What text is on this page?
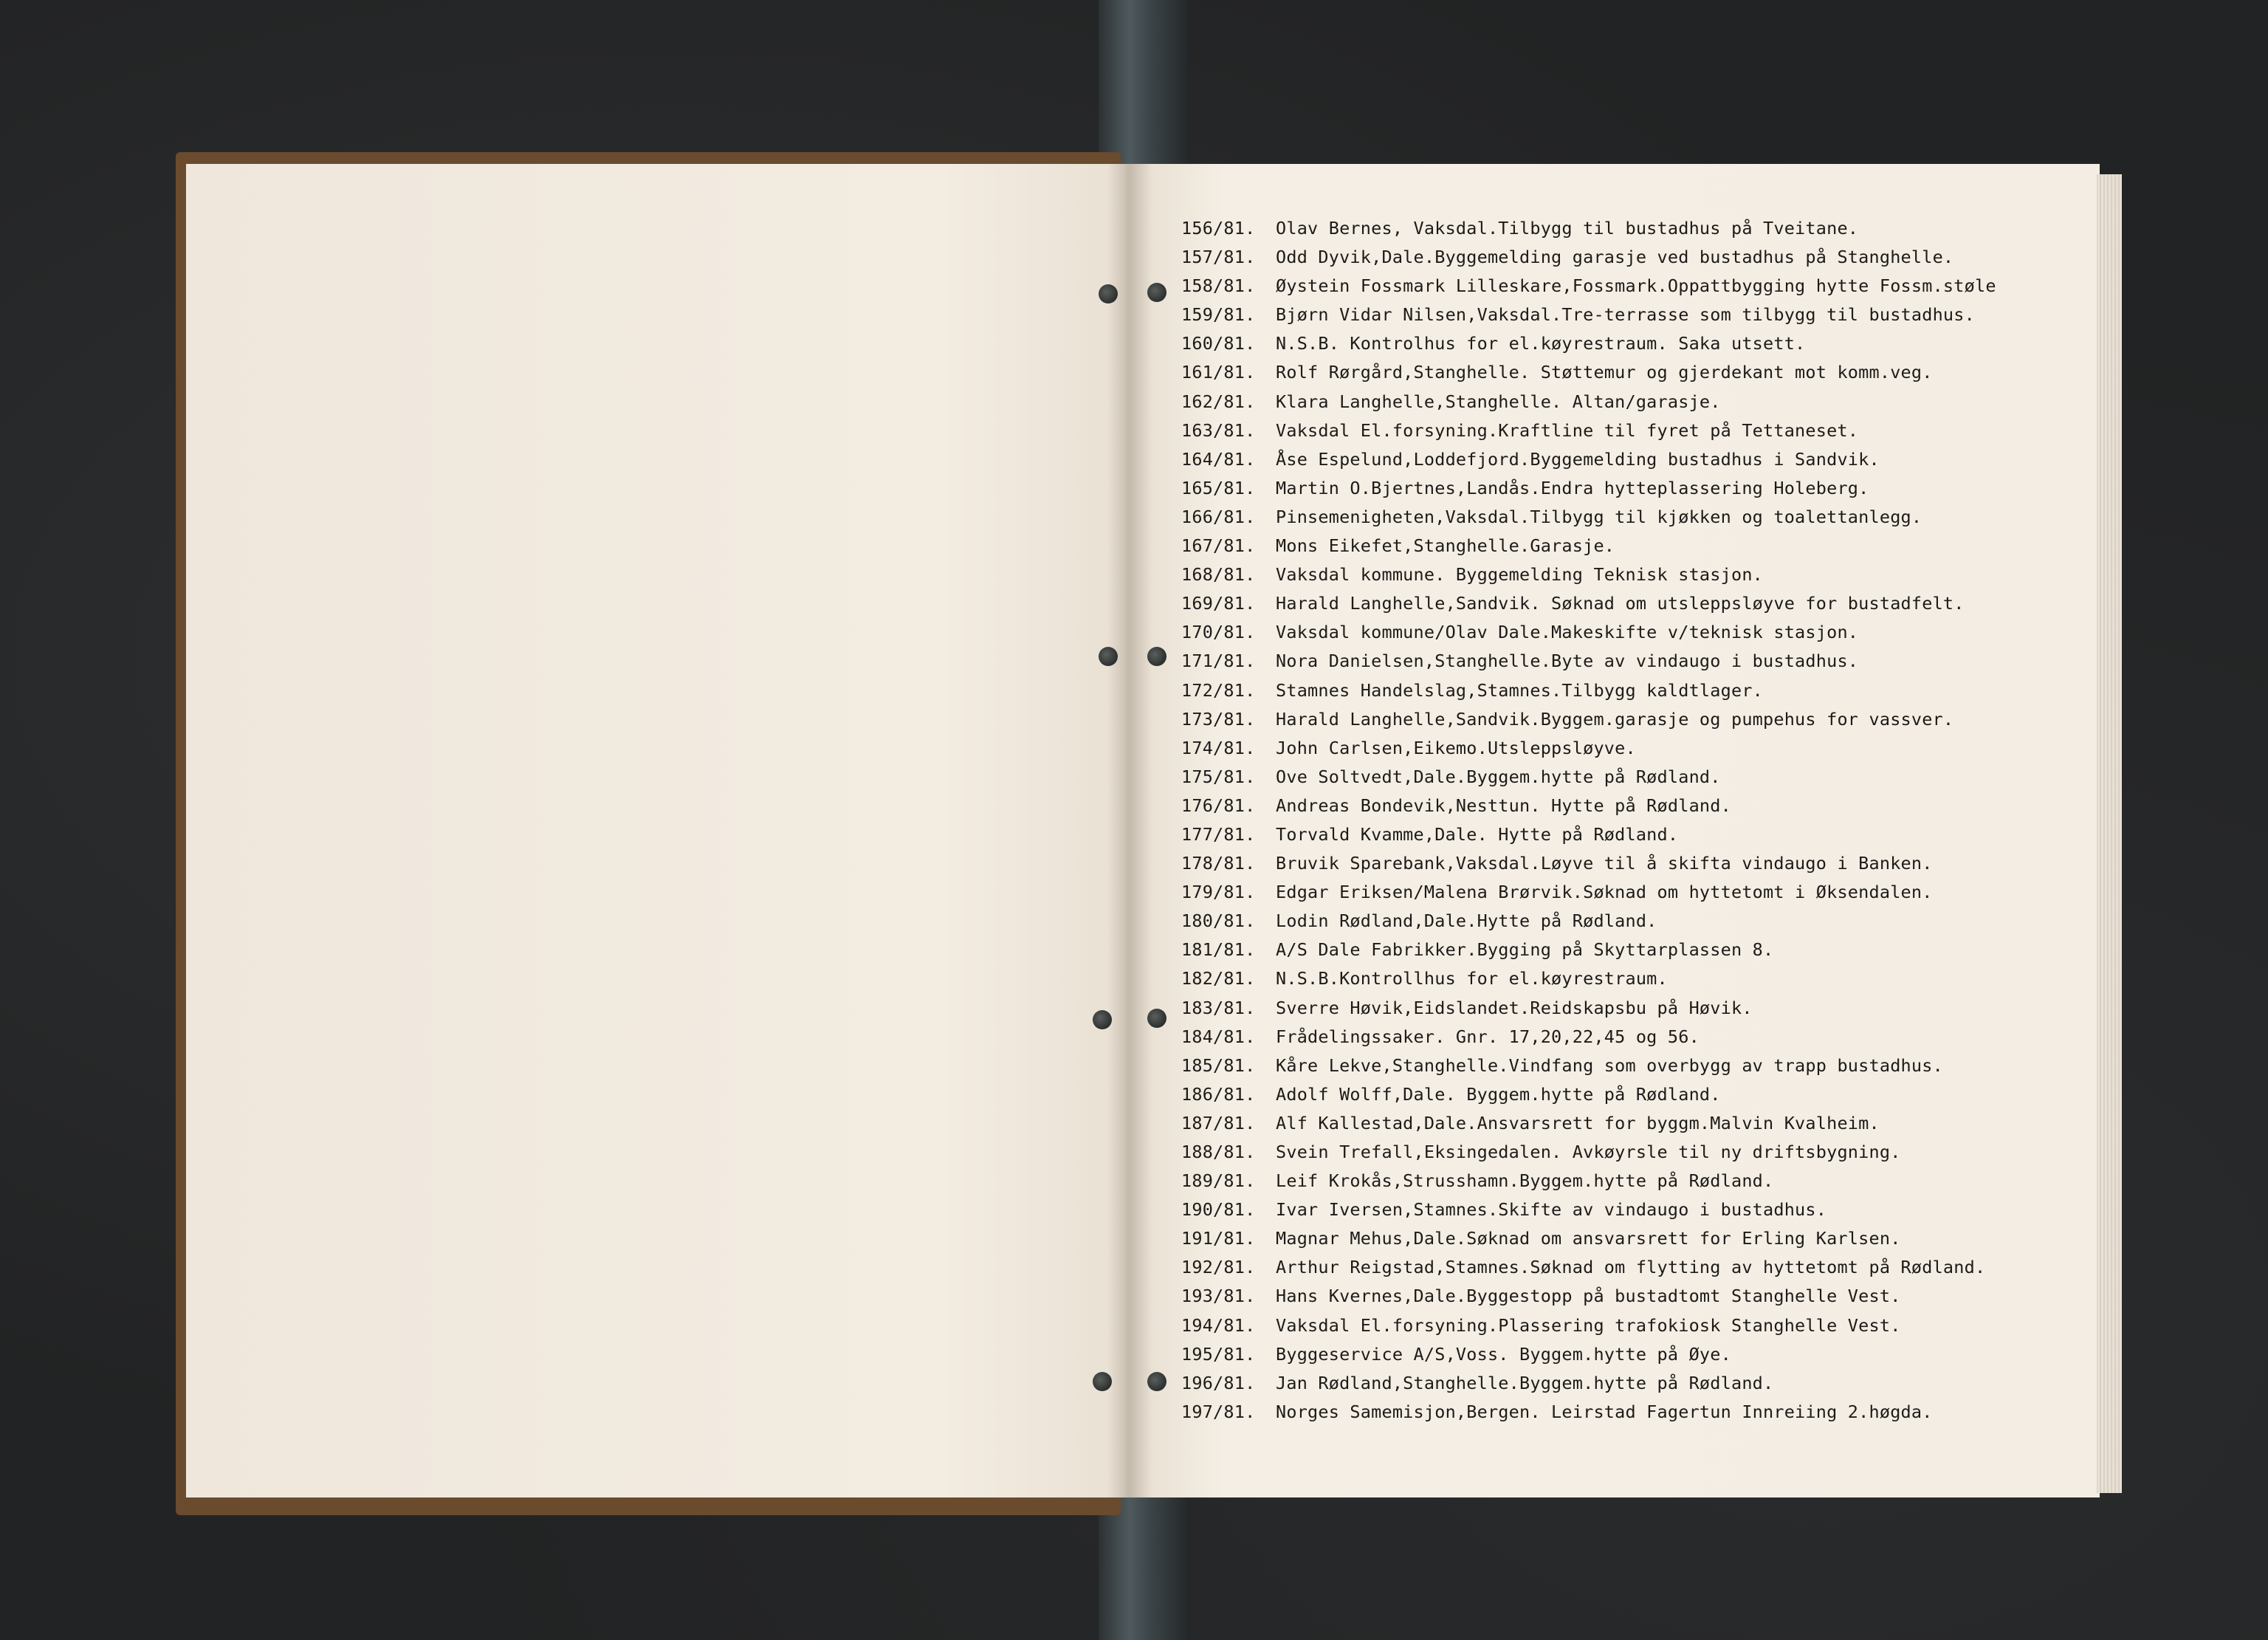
156/81. Olav Bernes, Vaksdal.Tilbygg til bustadhus på Tveitane.
157/81. Odd Dyvik,Dale.Byggemelding garasje ved bustadhus på Stanghelle.
158/81. Øystein Fossmark Lilleskare,Fossmark.Oppattbygging hytte Fossm.støle
159/81. Bjørn Vidar Nilsen,Vaksdal.Tre-terrasse som tilbygg til bustadhus.
160/81. N.S.B. Kontrolhus for el.køyrestraum. Saka utsett.
161/81. Rolf Rørgård,Stanghelle. Støttemur og gjerdekant mot komm.veg.
162/81. Klara Langhelle,Stanghelle. Altan/garasje.
163/81. Vaksdal El.forsyning.Kraftline til fyret på Tettaneset.
164/81. Åse Espelund,Loddefjord.Byggemelding bustadhus i Sandvik.
165/81. Martin O.Bjertnes,Landås.Endra hytteplassering Holeberg.
166/81. Pinsemenigheten,Vaksdal.Tilbygg til kjøkken og toalettanlegg.
167/81. Mons Eikefet,Stanghelle.Garasje.
168/81. Vaksdal kommune. Byggemelding Teknisk stasjon.
169/81. Harald Langhelle,Sandvik. Søknad om utsleppsløyve for bustadfelt.
170/81. Vaksdal kommune/Olav Dale.Makeskifte v/teknisk stasjon.
171/81. Nora Danielsen,Stanghelle.Byte av vindaugo i bustadhus.
172/81. Stamnes Handelslag,Stamnes.Tilbygg kaldtlager.
173/81. Harald Langhelle,Sandvik.Byggem.garasje og pumpehus for vassver.
174/81. John Carlsen,Eikemo.Utsleppsløyve.
175/81. Ove Soltvedt,Dale.Byggem.hytte på Rødland.
176/81. Andreas Bondevik,Nesttun. Hytte på Rødland.
177/81. Torvald Kvamme,Dale. Hytte på Rødland.
178/81. Bruvik Sparebank,Vaksdal.Løyve til å skifta vindaugo i Banken.
179/81. Edgar Eriksen/Malena Brørvik.Søknad om hyttetomt i Øksendalen.
180/81. Lodin Rødland,Dale.Hytte på Rødland.
181/81. A/S Dale Fabrikker.Bygging på Skyttarplassen 8.
182/81. N.S.B.Kontrollhus for el.køyrestraum.
183/81. Sverre Høvik,Eidslandet.Reidskapsbu på Høvik.
184/81. Frådelingssaker. Gnr. 17,20,22,45 og 56.
185/81. Kåre Lekve,Stanghelle.Vindfang som overbygg av trapp bustadhus.
186/81. Adolf Wolff,Dale. Byggem.hytte på Rødland.
187/81. Alf Kallestad,Dale.Ansvarsrett for byggm.Malvin Kvalheim.
188/81. Svein Trefall,Eksingedalen. Avkøyrsle til ny driftsbygning.
189/81. Leif Krokås,Strusshamn.Byggem.hytte på Rødland.
190/81. Ivar Iversen,Stamnes.Skifte av vindaugo i bustadhus.
191/81. Magnar Mehus,Dale.Søknad om ansvarsrett for Erling Karlsen.
192/81. Arthur Reigstad,Stamnes.Søknad om flytting av hyttetomt på Rødland.
193/81. Hans Kvernes,Dale.Byggestopp på bustadtomt Stanghelle Vest.
194/81. Vaksdal El.forsyning.Plassering trafokiosk Stanghelle Vest.
195/81. Byggeservice A/S,Voss. Byggem.hytte på Øye.
196/81. Jan Rødland,Stanghelle.Byggem.hytte på Rødland.
197/81. Norges Samemisjon,Bergen. Leirstad Fagertun Innreiing 2.høgda.
